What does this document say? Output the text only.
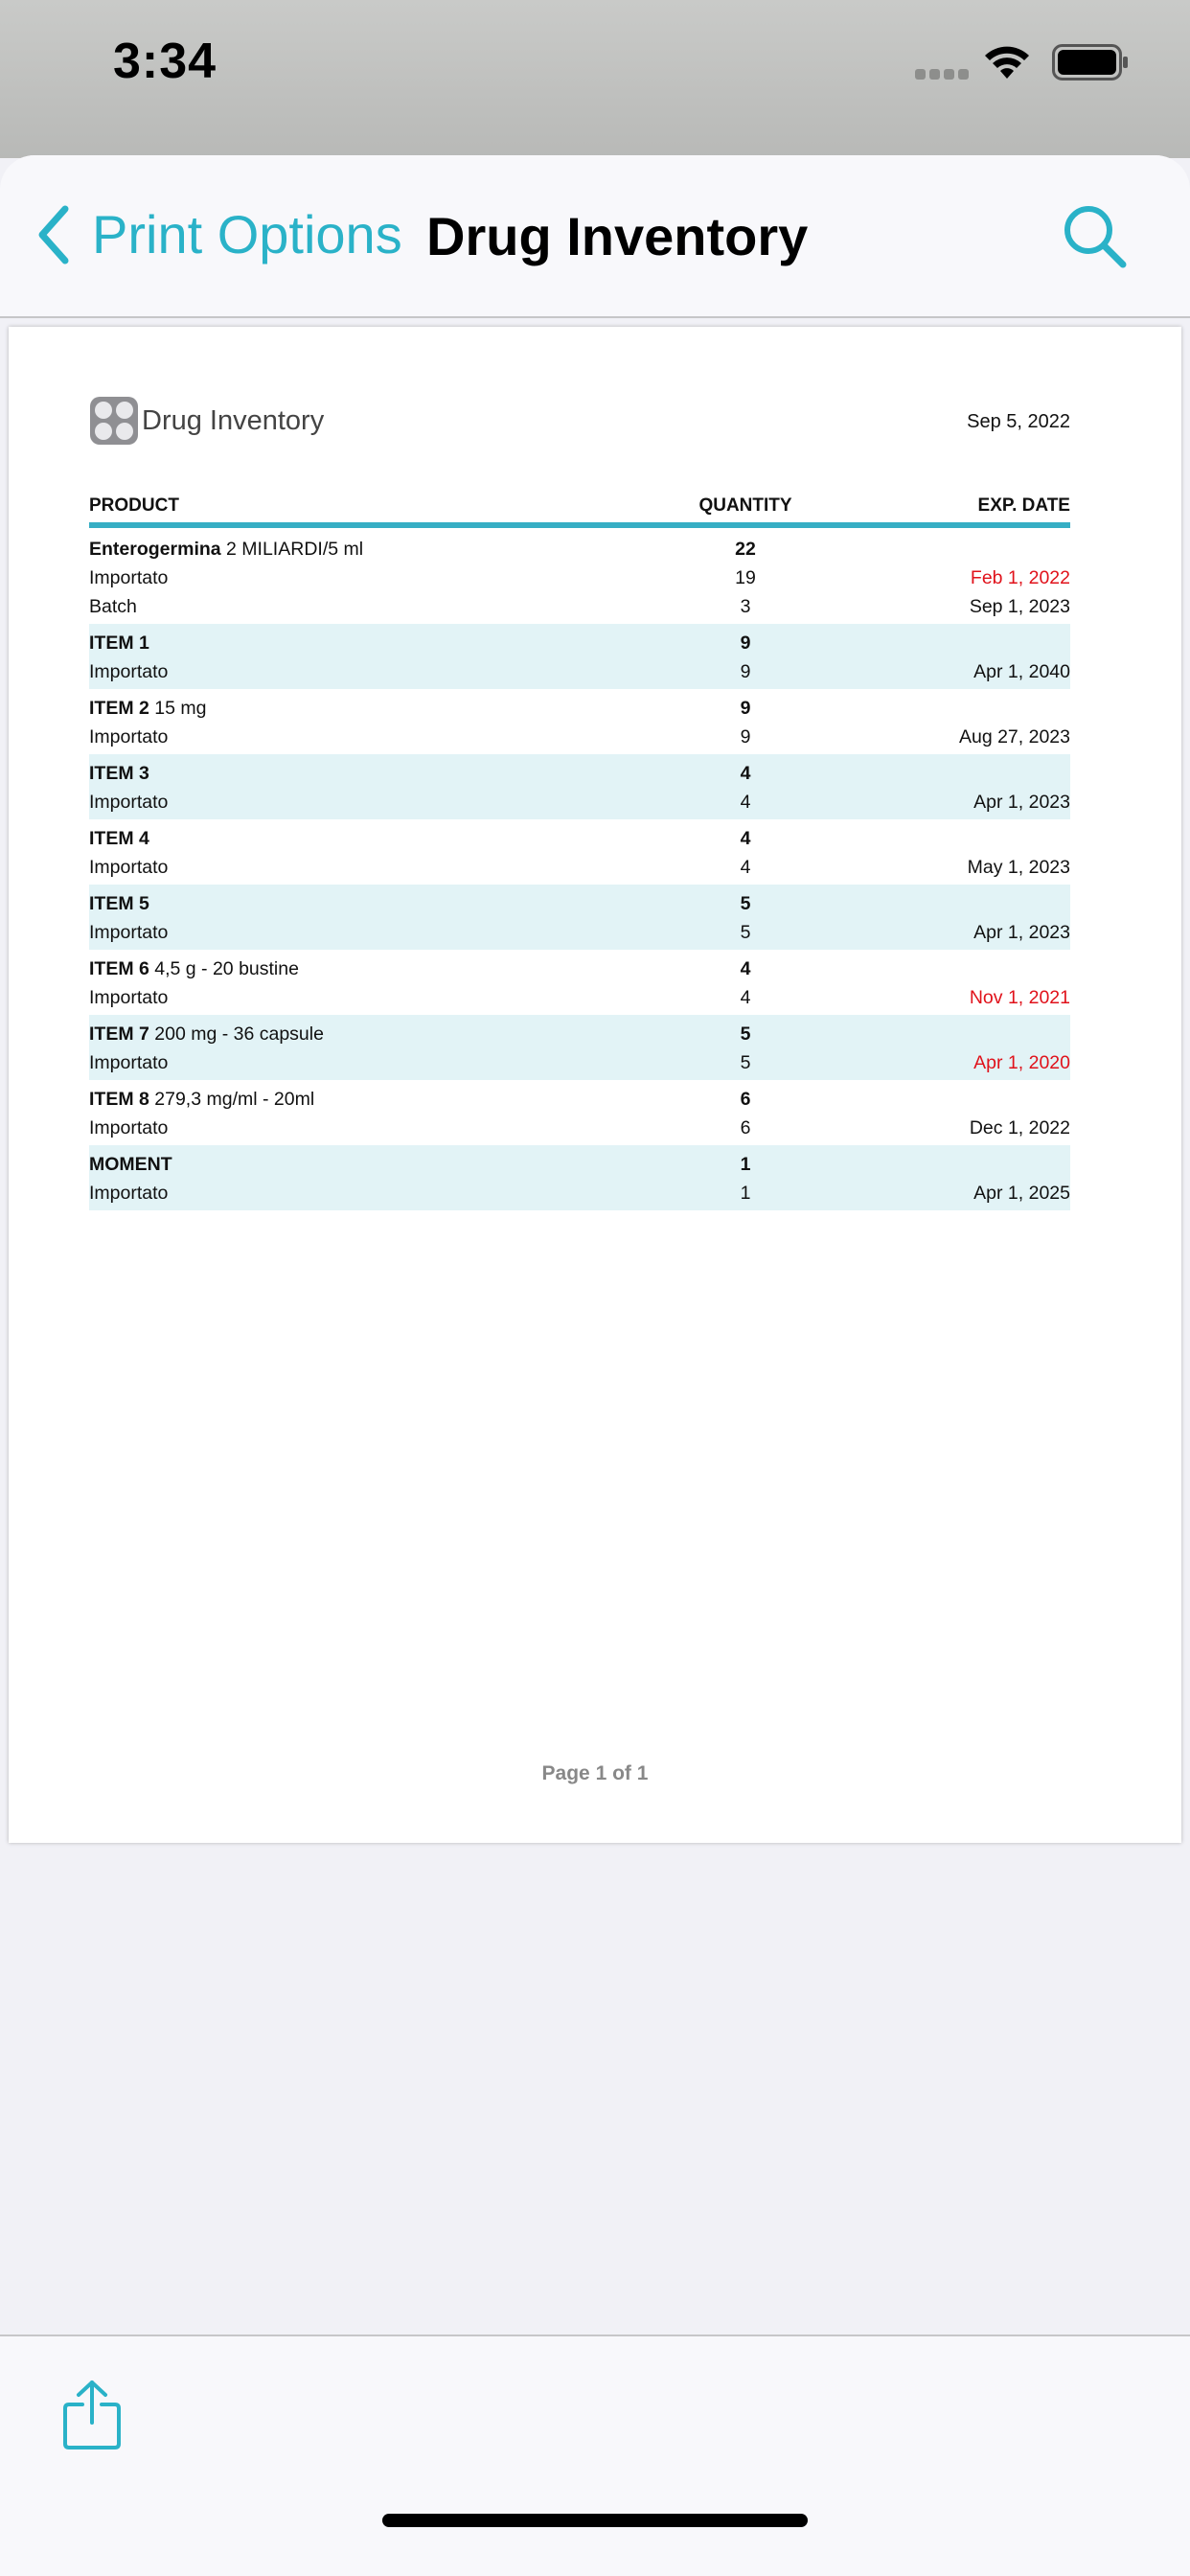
3:34
Print Options Drug Inventory
Drug Inventory	Sep 5, 2022
PRODUCT	QUANTITY	EXP. DATE
Enterogermina 2 MILIARDI/5 ml	22
Importato	19	Feb 1, 2022
Batch	3	Sep 1, 2023
ITEM 1	9
Importato	9	Apr 1, 2040
ITEM 2 15 mg	9
Importato	9	Aug 27, 2023
ITEM 3	4
Importato	4	Apr 1, 2023
ITEM 4	4
Importato	4	May 1, 2023
ITEM 5	5
Importato	5	Apr 1, 2023
ITEM 6 4,5 g - 20 bustine	4
Importato	4	Nov 1, 2021
ITEM 7 200 mg - 36 capsule	5
Importato	5	Apr 1, 2020
ITEM 8 279,3 mg/ml - 20ml	6
Importato	6	Dec 1, 2022
MOMENT	1
Importato	1	Apr 1, 2025
Page 1 of 1
